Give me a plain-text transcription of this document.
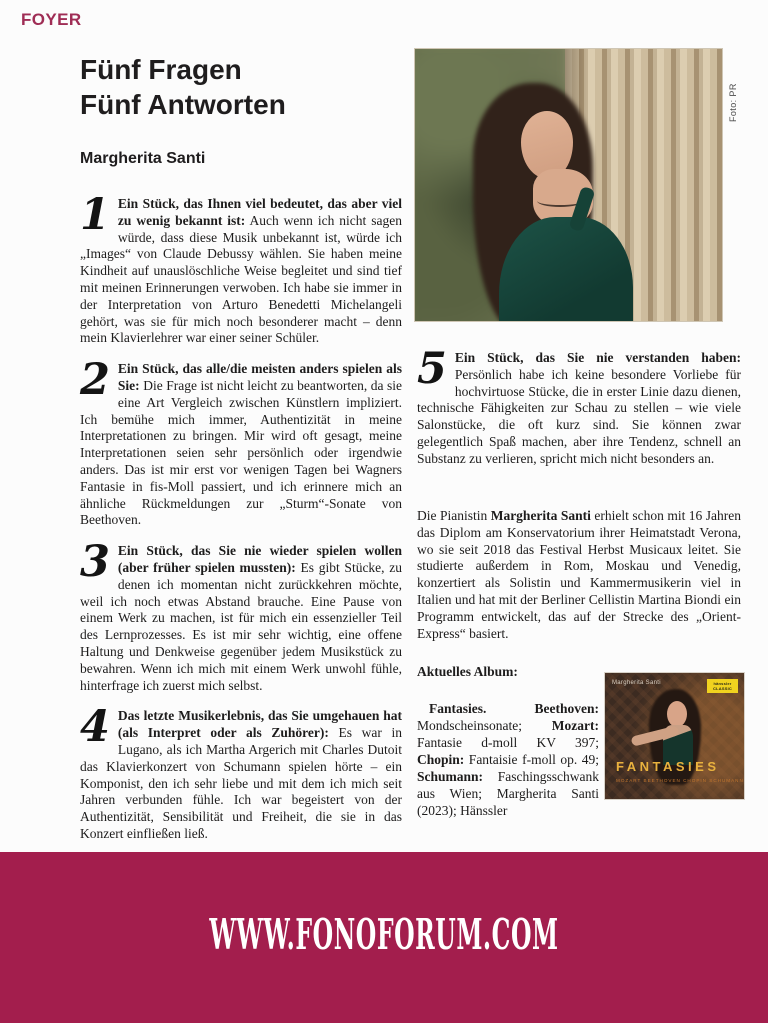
FOYER
Fünf Fragen
Fünf Antworten
Margherita Santi

1 Ein Stück, das Ihnen viel bedeutet, das aber viel zu wenig bekannt ist: Auch wenn ich nicht sagen würde, dass diese Musik unbekannt ist, würde ich „Images“ von Claude Debussy wählen. Sie haben meine Kindheit auf unauslöschliche Weise begleitet und sind tief mit meinen Erinnerungen verwoben. Ich habe sie immer in der Interpretation von Arturo Benedetti Michelangeli gehört, was sie für mich noch besonderer macht – denn mein Klavierlehrer war einer seiner Schüler.

2 Ein Stück, das alle/die meisten anders spielen als Sie: Die Frage ist nicht leicht zu beantworten, da sie eine Art Vergleich zwischen Künstlern impliziert. Ich bemühe mich immer, Authentizität in meine Interpretationen zu bringen. Mir wird oft gesagt, meine Interpretationen seien sehr persönlich oder irgendwie anders. Das ist mir erst vor wenigen Tagen bei Wagners Fantasie in fis-Moll passiert, und ich erinnere mich an ähnliche Rückmeldungen zur „Sturm“-Sonate von Beethoven.

3 Ein Stück, das Sie nie wieder spielen wollen (aber früher spielen mussten): Es gibt Stücke, zu denen ich momentan nicht zurückkehren möchte, weil ich noch etwas Abstand brauche. Eine Pause von einem Werk zu machen, ist für mich ein essenzieller Teil des Lernprozesses. Es ist mir sehr wichtig, eine offene Haltung und Denkweise gegenüber jedem Musikstück zu bewahren. Wenn ich mich mit einem Werk unwohl fühle, hinterfrage ich zuerst mich selbst.

4 Das letzte Musikerlebnis, das Sie umgehauen hat (als Interpret oder als Zuhörer): Es war in Lugano, als ich Martha Argerich mit Charles Dutoit das Klavierkonzert von Schumann spielen hörte – ein Komponist, den ich sehr liebe und mit dem ich mich seit Jahren verbunden fühle. Ich war begeistert von der Authentizität, Sensibilität und Freiheit, die sie in das Konzert einfließen ließ.

Foto: PR

5 Ein Stück, das Sie nie verstanden haben: Persönlich habe ich keine besondere Vorliebe für hochvirtuose Stücke, die in erster Linie dazu dienen, technische Fähigkeiten zur Schau zu stellen – wie viele Salonstücke, die oft kurz sind. Sie können zwar gelegentlich Spaß machen, aber ihre Tendenz, schnell an Substanz zu verlieren, spricht mich nicht besonders an.

Die Pianistin Margherita Santi erhielt schon mit 16 Jahren das Diplom am Konservatorium ihrer Heimatstadt Verona, wo sie seit 2018 das Festival Herbst Musicaux leitet. Sie studierte außerdem in Rom, Moskau und Venedig, konzertiert als Solistin und Kammermusikerin viel in Italien und hat mit der Berliner Cellistin Martina Biondi ein Programm entwickelt, das auf der Strecke des „Orient-Express“ basiert.

Aktuelles Album:

Fantasies. Beethoven: Mondscheinsonate; Mozart: Fantasie d-moll KV 397; Chopin: Fantaisie f-moll op. 49; Schumann: Faschingsschwank aus Wien; Margherita Santi (2023); Hänssler

Margherita Santi	hänssler CLASSIC
FANTASIES
MOZART BEETHOVEN CHOPIN SCHUMANN
WWW.FONOFORUM.COM
